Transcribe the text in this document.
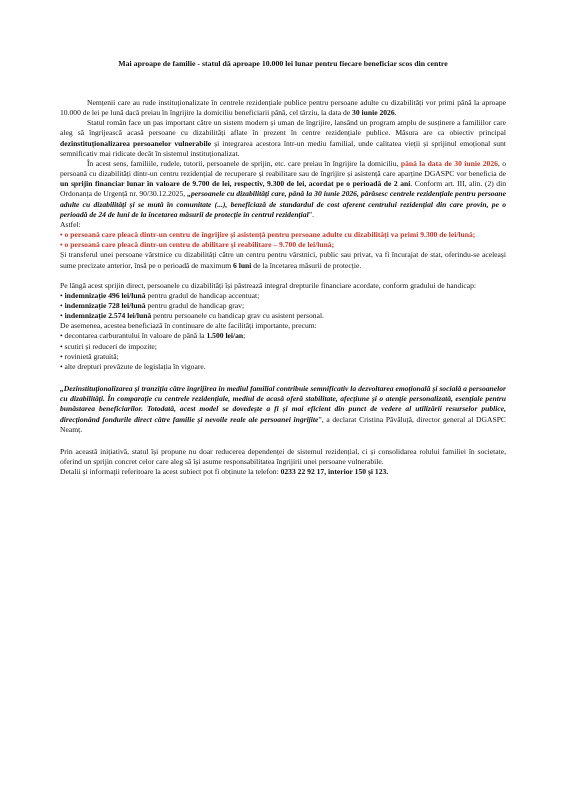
Mai aproape de familie - statul dă aproape 10.000 lei lunar pentru fiecare beneficiar scos din centre

Nemțenii care au rude instituționalizate în centrele rezidențiale publice pentru persoane adulte cu dizabilități vor primi până la aproape 10.000 de lei pe lună dacă preiau în îngrijire la domiciliu beneficiarii până, cel târziu, la data de 30 iunie 2026.

Statul român face un pas important către un sistem modern și uman de îngrijire, lansând un program amplu de susținere a familiilor care aleg să îngrijească acasă persoane cu dizabilități aflate în prezent în centre rezidențiale publice. Măsura are ca obiectiv principal dezinstituționalizarea persoanelor vulnerabile și integrarea acestora într-un mediu familial, unde calitatea vieții și sprijinul emoțional sunt semnificativ mai ridicate decât în sistemul instituționalizat.

În acest sens, familiile, rudele, tutorii, persoanele de sprijin, etc. care preiau în îngrijire la domiciliu, până la data de 30 iunie 2026, o persoană cu dizabilități dintr-un centru rezidențial de recuperare și reabilitare sau de îngrijire și asistență care aparține DGASPC vor beneficia de un sprijin financiar lunar în valoare de 9.700 de lei, respectiv, 9.300 de lei, acordat pe o perioadă de 2 ani. Conform art. III, alin. (2) din Ordonanța de Urgență nr. 90/30.12.2025, „persoanele cu dizabilități care, până la 30 iunie 2026, părăsesc centrele rezidențiale pentru persoane adulte cu dizabilități și se mută în comunitate (...), beneficiază de standardul de cost aferent centrului rezidențial din care provin, pe o perioadă de 24 de luni de la încetarea măsurii de protecție în centrul rezidențial”.

Astfel:

• o persoană care pleacă dintr-un centru de îngrijire și asistență pentru persoane adulte cu dizabilități va primi 9.300 de lei/lună;

• o persoană care pleacă dintr-un centru de abilitare și reabilitare – 9.700 de lei/lună;

Și transferul unei persoane vârstnice cu dizabilități către un centru pentru vârstnici, public sau privat, va fi încurajat de stat, oferindu-se aceleași sume precizate anterior, însă pe o perioadă de maximum 6 luni de la încetarea măsurii de protecție.

Pe lângă acest sprijin direct, persoanele cu dizabilități își păstrează integral drepturile financiare acordate, conform gradului de handicap:

• indemnizație 496 lei/lună pentru gradul de handicap accentuat;

• indemnizație 728 lei/lună pentru gradul de handicap grav;

• indemnizație 2.574 lei/lună pentru persoanele cu handicap grav cu asistent personal.

De asemenea, acestea beneficiază în continuare de alte facilități importante, precum:

• decontarea carburantului în valoare de până la 1.500 lei/an;

• scutiri și reduceri de impozite;

• rovinietă gratuită;

• alte drepturi prevăzute de legislația în vigoare.

„Dezinstituționalizarea și tranziția către îngrijirea în mediul familial contribuie semnificativ la dezvoltarea emoțională și socială a persoanelor cu dizabilități. În comparație cu centrele rezidențiale, mediul de acasă oferă stabilitate, afecțiune și o atenție personalizată, esențiale pentru bunăstarea beneficiarilor. Totodată, acest model se dovedește a fi și mai eficient din punct de vedere al utilizării resurselor publice, direcționând fondurile direct către familie și nevoile reale ale persoanei îngrijite”, a declarat Cristina Păvăluță, director general al DGASPC Neamț.

Prin această inițiativă, statul își propune nu doar reducerea dependenței de sistemul rezidențial, ci și consolidarea rolului familiei în societate, oferind un sprijin concret celor care aleg să își asume responsabilitatea îngrijirii unei persoane vulnerabile.

Detalii și informații referitoare la acest subiect pot fi obținute la telefon: 0233 22 92 17, interior 150 și 123.
